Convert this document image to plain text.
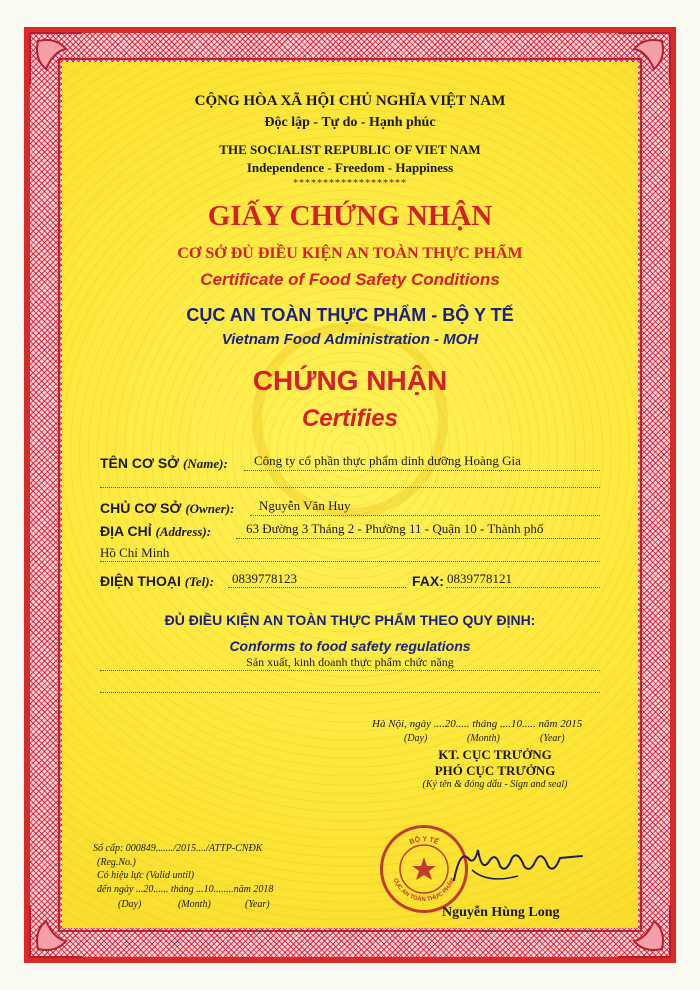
CỘNG HÒA XÃ HỘI CHỦ NGHĨA VIỆT NAM
Độc lập - Tự do - Hạnh phúc
THE SOCIALIST REPUBLIC OF VIET NAM
Independence - Freedom - Happiness
*******************
GIẤY CHỨNG NHẬN
CƠ SỞ ĐỦ ĐIỀU KIỆN AN TOÀN THỰC PHẨM
Certificate of Food Safety Conditions
CỤC AN TOÀN THỰC PHẨM - BỘ Y TẾ
Vietnam Food Administration - MOH
CHỨNG NHẬN
Certifies
TÊN CƠ SỞ (Name): Công ty cổ phần thực phẩm dinh dưỡng Hoàng Gia
CHỦ CƠ SỞ (Owner): Nguyễn Văn Huy
ĐỊA CHỈ (Address):	63 Đường 3 Tháng 2 - Phường 11 - Quận 10 - Thành phố
Hồ Chí Minh
ĐIỆN THOẠI (Tel): 0839778123	FAX: 0839778121
ĐỦ ĐIỀU KIỆN AN TOÀN THỰC PHẨM THEO QUY ĐỊNH:
Conforms to food safety regulations
Sản xuất, kinh doanh thực phẩm chức năng
Hà Nội, ngày ....20..... tháng ....10..... năm 2015
(Day)	(Month)	(Year)
KT. CỤC TRƯỞNG
PHÓ CỤC TRƯỞNG
(Ký tên & đóng dấu - Sign and seal)
Số cấp: 000849......./2015..../ATTP-CNĐK
(Reg.No.)
Có hiệu lực (Valid until)
đến ngày ...20...... tháng ...10........năm 2018
(Day)	(Month)	(Year)
BỘ Y TẾ
CỤC AN TOÀN THỰC PHẨM
Nguyễn Hùng Long
